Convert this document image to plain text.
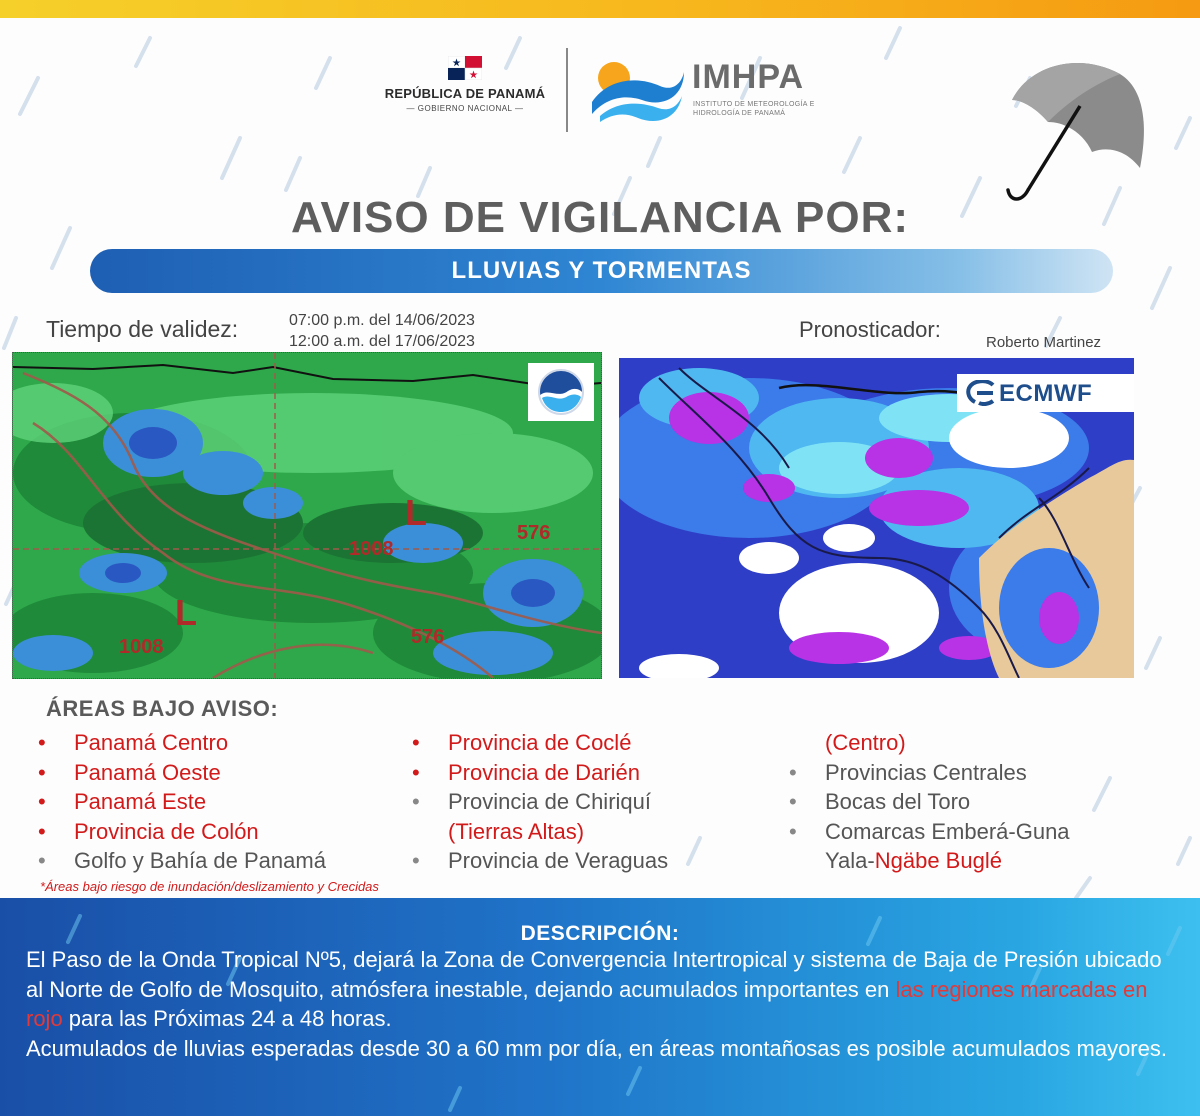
REPÚBLICA DE PANAMÁ
— GOBIERNO NACIONAL —
IMHPA
INSTITUTO DE METEOROLOGÍA E HIDROLOGÍA DE PANAMÁ
AVISO DE VIGILANCIA POR:
LLUVIAS Y TORMENTAS
Tiempo de validez:	07:00 p.m. del 14/06/2023
12:00 a.m. del 17/06/2023	Pronosticador:
Roberto Martinez
L
L
1008
1008
576
576
ECMWF
ÁREAS BAJO AVISO:
• Panamá Centro
• Panamá Oeste
• Panamá Este
• Provincia de Colón
• Golfo y Bahía de Panamá
• Provincia de Coclé
• Provincia de Darién
• Provincia de Chiriquí
(Tierras Altas)
• Provincia de Veraguas
(Centro)
• Provincias Centrales
• Bocas del Toro
• Comarcas Emberá-Guna
Yala-Ngäbe Buglé
*Áreas bajo riesgo de inundación/deslizamiento y Crecidas
DESCRIPCIÓN:
El Paso de la Onda Tropical Nº5, dejará la Zona de Convergencia Intertropical y sistema de Baja de Presión ubicado al Norte de Golfo de Mosquito, atmósfera inestable, dejando acumulados importantes en las regiones marcadas en rojo para las Próximas 24 a 48 horas.
Acumulados de lluvias esperadas desde 30 a 60 mm por día, en áreas montañosas es posible acumulados mayores.
